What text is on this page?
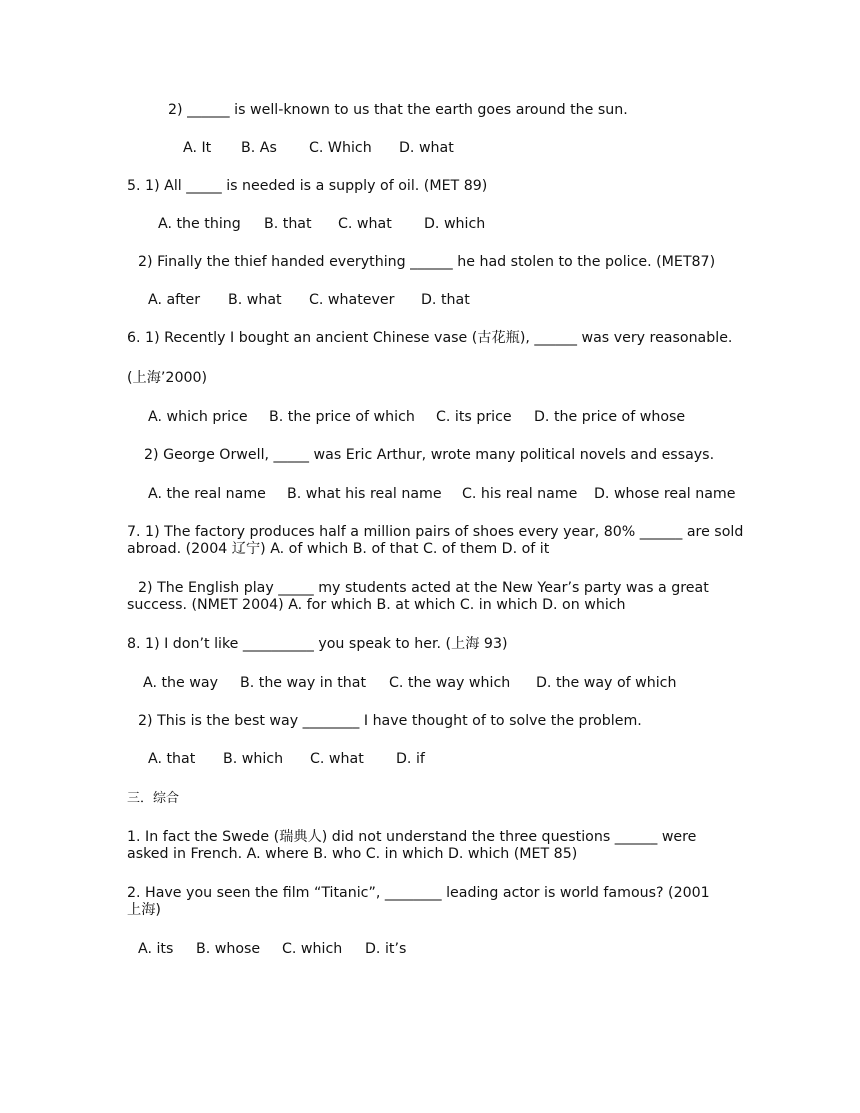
2) ______ is well-known to us that the earth goes around the sun.

A. It B. As C. Which D. what

5. 1) All _____ is needed is a supply of oil. (MET 89)

A. the thing B. that C. what D. which

2) Finally the thief handed everything ______ he had stolen to the police. (MET87)

A. after B. what C. whatever D. that

6. 1) Recently I bought an ancient Chinese vase (古花瓶), ______ was very reasonable.

(上海’2000)

A. which price B. the price of which C. its price D. the price of whose

2) George Orwell, _____ was Eric Arthur, wrote many political novels and essays.

A. the real name B. what his real name C. his real name D. whose real name

7. 1) The factory produces half a million pairs of shoes every year, 80% ______ are sold

abroad. (2004 辽宁) A. of which B. of that C. of them D. of it

2) The English play _____ my students acted at the New Year’s party was a great

success. (NMET 2004) A. for which B. at which C. in which D. on which

8. 1) I don’t like __________ you speak to her. (上海 93)

A. the way B. the way in that C. the way which D. the way of which

2) This is the best way ________ I have thought of to solve the problem.

A. that B. which C. what D. if

三．综合

1. In fact the Swede (瑞典人) did not understand the three questions ______ were

asked in French. A. where B. who C. in which D. which (MET 85)

2. Have you seen the film “Titanic”, ________ leading actor is world famous? (2001

上海)

A. its B. whose C. which D. it’s
